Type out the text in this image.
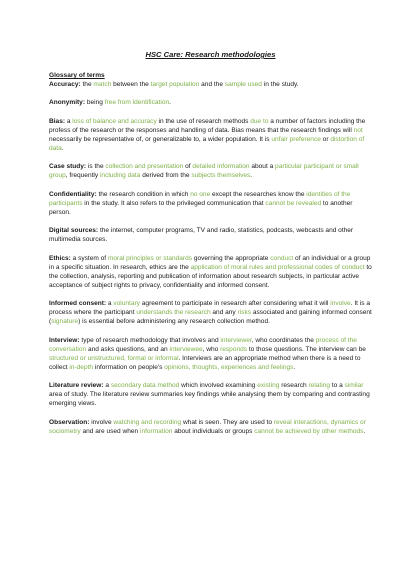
HSC Care: Research methodologies

Glossary of terms

Accuracy: the match between the target population and the sample used in the study.

Anonymity: being free from identification.

Bias: a loss of balance and accuracy in the use of research methods due to a number of factors including the profess of the research or the responses and handling of data. Bias means that the research findings will not necessarily be representative of, or generalizable to, a wider population. It is unfair preference or distortion of data.

Case study: is the collection and presentation of detailed information about a particular participant or small group, frequently including data derived from the subjects themselves.

Confidentiality: the research condition in which no one except the researches know the identities of the participants in the study. It also refers to the privileged communication that cannot be revealed to another person.

Digital sources: the internet, computer programs, TV and radio, statistics, podcasts, webcasts and other multimedia sources.

Ethics: a system of moral principles or standards governing the appropriate conduct of an individual or a group in a specific situation. In research, ethics are the application of moral rules and professional codes of conduct to the collection, analysis, reporting and publication of information about research subjects, in particular active acceptance of subject rights to privacy, confidentiality and informed consent.

Informed consent: a voluntary agreement to participate in research after considering what it will involve. It is a process where the participant understands the research and any risks associated and gaining informed consent (signature) is essential before administering any research collection method.

Interview: type of research methodology that involves and interviewer, who coordinates the process of the conversation and asks questions, and an interviewee, who responds to those questions. The interview can be structured or unstructured, formal or informal. Interviews are an appropriate method when there is a need to collect in-depth information on people's opinions, thoughts, experiences and feelings.

Literature review: a secondary data method which involved examining existing research relating to a similar area of study. The literature review summaries key findings while analysing them by comparing and contrasting emerging views.

Observation: involve watching and recording what is seen. They are used to reveal interactions, dynamics or sociometry and are used when information about individuals or groups cannot be achieved by other methods.
